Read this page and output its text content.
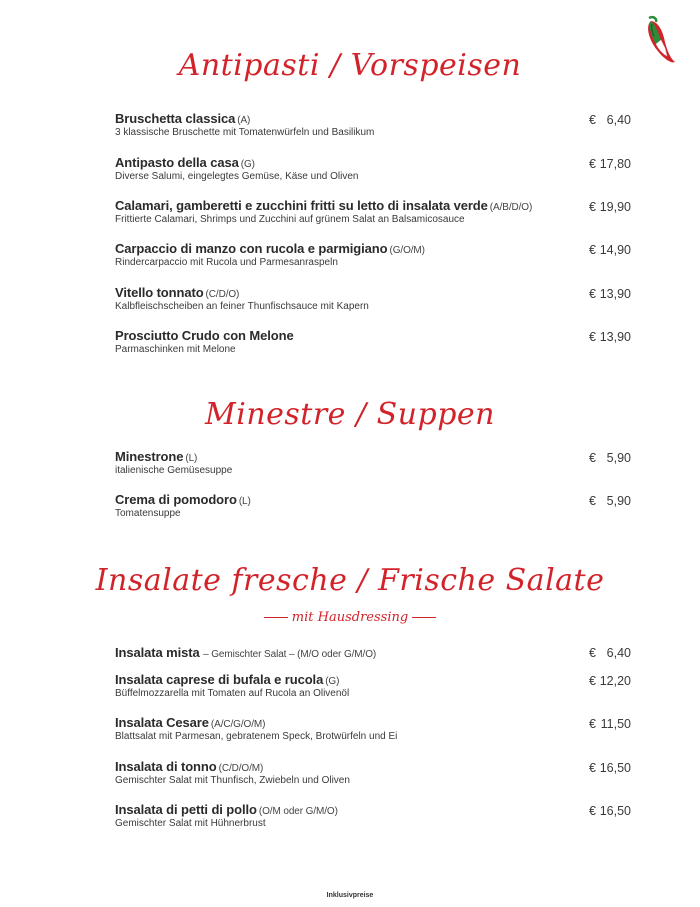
Antipasti / Vorspeisen
Bruschetta classica (A)
3 klassische Bruschette mit Tomatenwürfeln und Basilikum
€ 6,40
Antipasto della casa (G)
Diverse Salumi, eingelegtes Gemüse, Käse und Oliven
€ 17,80
Calamari, gamberetti e zucchini fritti su letto di insalata verde (A/B/D/O)
Frittierte Calamari, Shrimps und Zucchini auf grünem Salat an Balsamicosauce
€ 19,90
Carpaccio di manzo con rucola e parmigiano (G/O/M)
Rindercarpaccio mit Rucola und Parmesanraspeln
€ 14,90
Vitello tonnato (C/D/O)
Kalbfleischscheiben an feiner Thunfischsauce mit Kapern
€ 13,90
Prosciutto Crudo con Melone
Parmaschinken mit Melone
€ 13,90
Minestre / Suppen
Minestrone (L)
italienische Gemüsesuppe
€ 5,90
Crema di pomodoro (L)
Tomatensuppe
€ 5,90
Insalate fresche / Frische Salate
mit Hausdressing
Insalata mista – Gemischter Salat – (M/O oder G/M/O)	€ 6,40
Insalata caprese di bufala e rucola (G)
Büffelmozzarella mit Tomaten auf Rucola an Olivenöl
€ 12,20
Insalata Cesare (A/C/G/O/M)
Blattsalat mit Parmesan, gebratenem Speck, Brotwürfeln und Ei
€ 11,50
Insalata di tonno (C/D/O/M)
Gemischter Salat mit Thunfisch, Zwiebeln und Oliven
€ 16,50
Insalata di petti di pollo (O/M oder G/M/O)
Gemischter Salat mit Hühnerbrust
€ 16,50
Inklusivpreise
